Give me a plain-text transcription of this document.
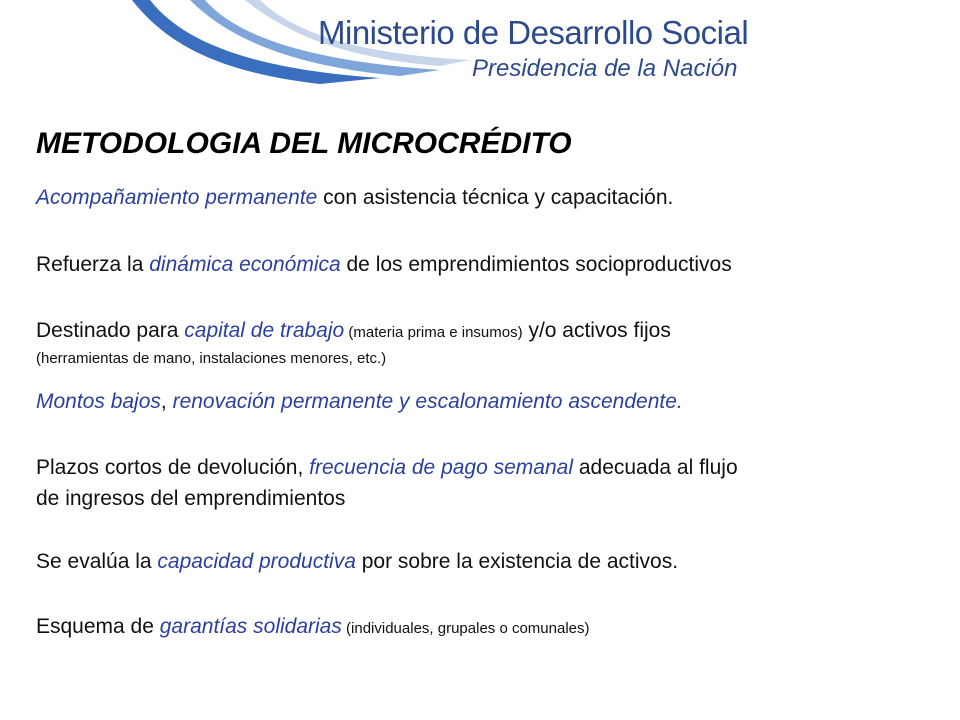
Ministerio de Desarrollo Social
Presidencia de la Nación
METODOLOGIA DEL MICROCRÉDITO
Acompañamiento permanente con asistencia técnica y capacitación.
Refuerza la dinámica económica de los emprendimientos socioproductivos
Destinado para capital de trabajo (materia prima e insumos) y/o activos fijos
(herramientas de mano, instalaciones menores, etc.)
Montos bajos, renovación permanente y escalonamiento ascendente.
Plazos cortos de devolución, frecuencia de pago semanal adecuada al flujo
de ingresos del emprendimientos
Se evalúa la capacidad productiva por sobre la existencia de activos.
Esquema de garantías solidarias (individuales, grupales o comunales)
